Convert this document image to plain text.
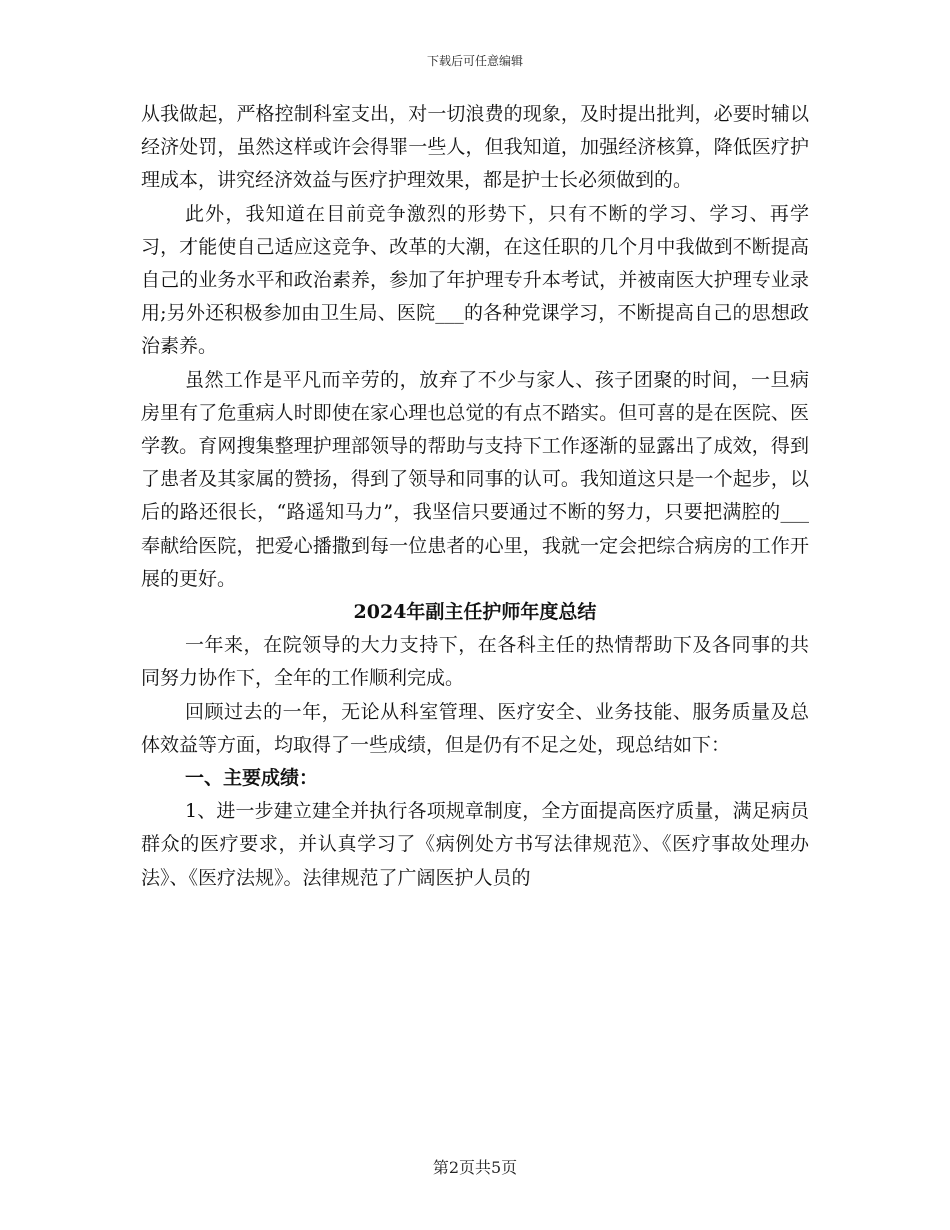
下载后可任意编辑

从我做起，严格控制科室支出，对一切浪费的现象，及时提出批判，必要时辅以经济处罚，虽然这样或许会得罪一些人，但我知道，加强经济核算，降低医疗护理成本，讲究经济效益与医疗护理效果，都是护士长必须做到的。

此外，我知道在目前竞争激烈的形势下，只有不断的学习、学习、再学习，才能使自己适应这竞争、改革的大潮，在这任职的几个月中我做到不断提高自己的业务水平和政治素养，参加了年护理专升本考试，并被南医大护理专业录用;另外还积极参加由卫生局、医院___的各种党课学习，不断提高自己的思想政治素养。

虽然工作是平凡而辛劳的，放弃了不少与家人、孩子团聚的时间，一旦病房里有了危重病人时即使在家心理也总觉的有点不踏实。但可喜的是在医院、医学教。育网搜集整理护理部领导的帮助与支持下工作逐渐的显露出了成效，得到了患者及其家属的赞扬，得到了领导和同事的认可。我知道这只是一个起步，以后的路还很长，“路遥知马力”，我坚信只要通过不断的努力，只要把满腔的___奉献给医院，把爱心播撒到每一位患者的心里，我就一定会把综合病房的工作开展的更好。

2024年副主任护师年度总结

一年来，在院领导的大力支持下，在各科主任的热情帮助下及各同事的共同努力协作下，全年的工作顺利完成。

回顾过去的一年，无论从科室管理、医疗安全、业务技能、服务质量及总体效益等方面，均取得了一些成绩，但是仍有不足之处，现总结如下：

一、主要成绩：

1、进一步建立建全并执行各项规章制度，全方面提高医疗质量，满足病员群众的医疗要求，并认真学习了《病例处方书写法律规范》、《医疗事故处理办法》、《医疗法规》。法律规范了广阔医护人员的

第2页共5页
